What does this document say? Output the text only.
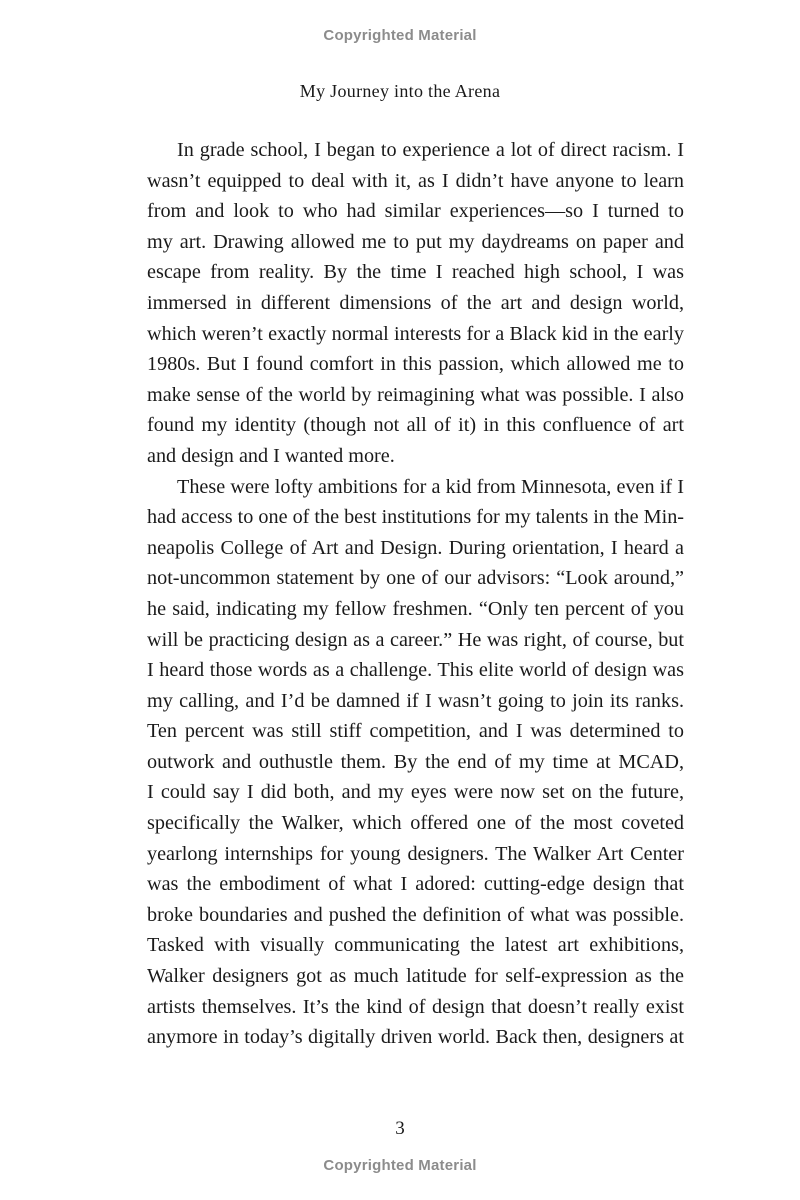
Copyrighted Material
My Journey into the Arena
In grade school, I began to experience a lot of direct racism. I
wasn’t equipped to deal with it, as I didn’t have anyone to learn
from and look to who had similar experiences—so I turned to
my art. Drawing allowed me to put my daydreams on paper and
escape from reality. By the time I reached high school, I was
immersed in different dimensions of the art and design world,
which weren’t exactly normal interests for a Black kid in the early
1980s. But I found comfort in this passion, which allowed me to
make sense of the world by reimagining what was possible. I also
found my identity (though not all of it) in this confluence of art
and design and I wanted more.
These were lofty ambitions for a kid from Minnesota, even if I
had access to one of the best institutions for my talents in the Min-
neapolis College of Art and Design. During orientation, I heard a
not-uncommon statement by one of our advisors: “Look around,”
he said, indicating my fellow freshmen. “Only ten percent of you
will be practicing design as a career.” He was right, of course, but
I heard those words as a challenge. This elite world of design was
my calling, and I’d be damned if I wasn’t going to join its ranks.
Ten percent was still stiff competition, and I was determined to
outwork and outhustle them. By the end of my time at MCAD,
I could say I did both, and my eyes were now set on the future,
specifically the Walker, which offered one of the most coveted
yearlong internships for young designers. The Walker Art Center
was the embodiment of what I adored: cutting-edge design that
broke boundaries and pushed the definition of what was possible.
Tasked with visually communicating the latest art exhibitions,
Walker designers got as much latitude for self-expression as the
artists themselves. It’s the kind of design that doesn’t really exist
anymore in today’s digitally driven world. Back then, designers at
3
Copyrighted Material
